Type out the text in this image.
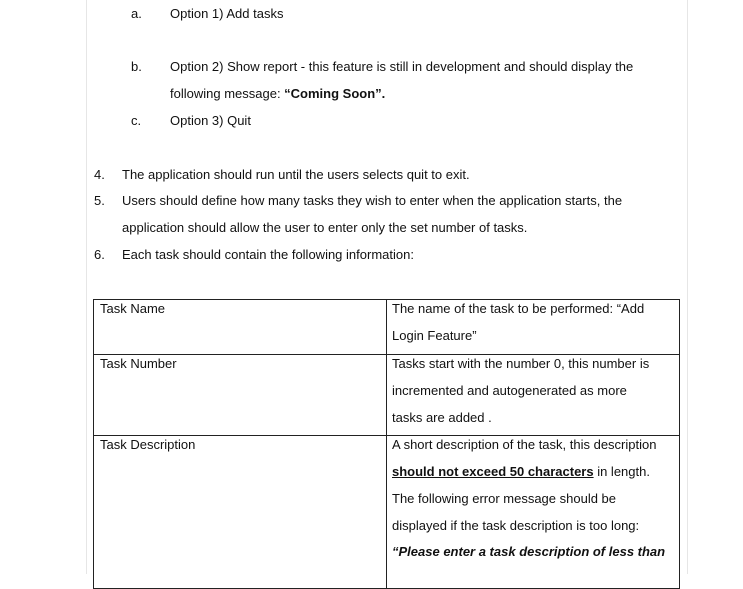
a. Option 1) Add tasks
b. Option 2) Show report - this feature is still in development and should display the
following message: “Coming Soon”.
c. Option 3) Quit
4. The application should run until the users selects quit to exit.
5. Users should define how many tasks they wish to enter when the application starts, the
application should allow the user to enter only the set number of tasks.
6. Each task should contain the following information:
Task Name	The name of the task to be performed: “Add
Login Feature”
Task Number	Tasks start with the number 0, this number is
incremented and autogenerated as more
tasks are added .
Task Description	A short description of the task, this description
should not exceed 50 characters in length.
The following error message should be
displayed if the task description is too long:
“Please enter a task description of less than
